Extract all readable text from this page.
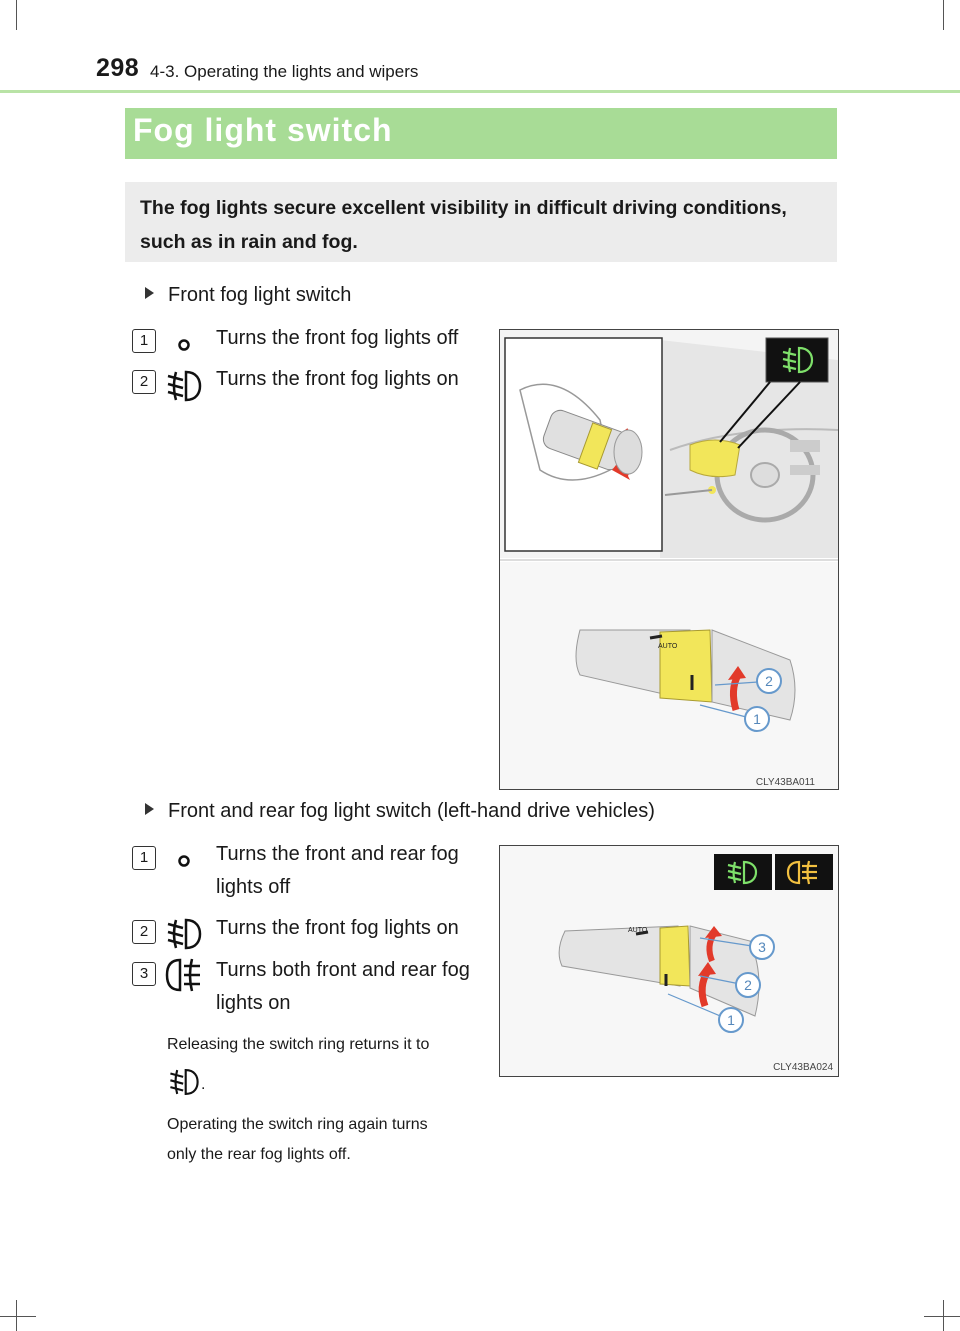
298 4-3. Operating the lights and wipers
Fog light switch
The fog lights secure excellent visibility in difficult driving conditions, such as in rain and fog.
Front fog light switch
1	Turns the front fog lights off
2	Turns the front fog lights on
AUTO
CLY43BA011
2
1
Front and rear fog light switch (left-hand drive vehicles)
1	Turns the front and rear fog
lights off
2	Turns the front fog lights on
3	Turns both front and rear fog
lights on
Releasing the switch ring returns it to
.
Operating the switch ring again turns
only the rear fog lights off.
AUTO
CLY43BA024
3
2
1
